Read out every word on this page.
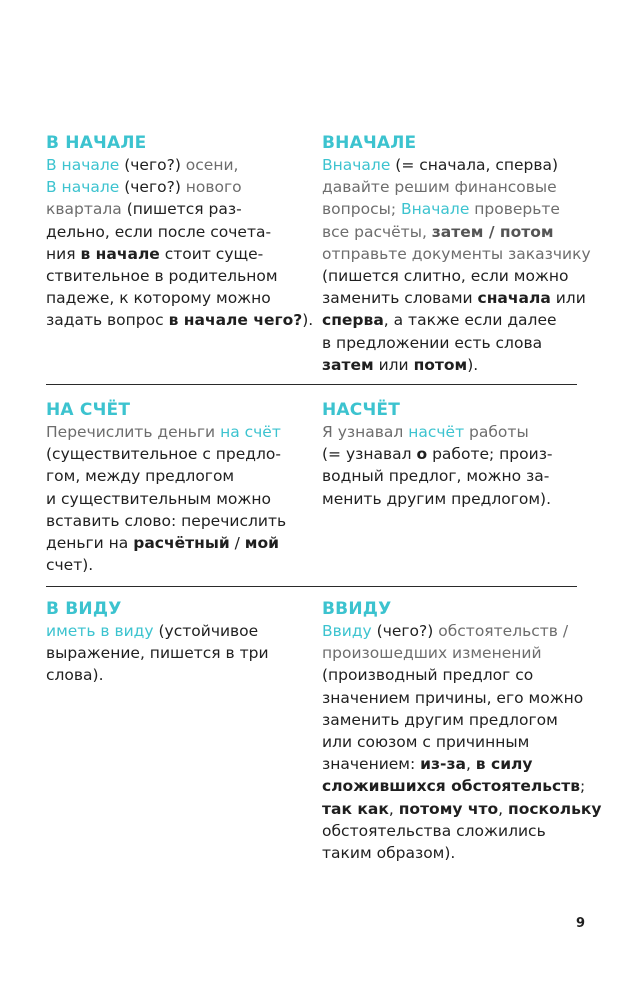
В НАЧАЛЕ
В начале (чего?) осени,
В начале (чего?) нового
квартала (пишется раз-
дельно, если после сочета-
ния в начале стоит суще-
ствительное в родительном
падеже, к которому можно
задать вопрос в начале чего?).
ВНАЧАЛЕ
Вначале (= сначала, сперва)
давайте решим финансовые
вопросы; Вначале проверьте
все расчёты, затем / потом
отправьте документы заказчику
(пишется слитно, если можно
заменить словами сначала или
сперва, а также если далее
в предложении есть слова
затем или потом).
НА СЧЁТ
Перечислить деньги на счёт
(существительное с предло-
гом, между предлогом
и существительным можно
вставить слово: перечислить
деньги на расчётный / мой
счет).
НАСЧЁТ
Я узнавал насчёт работы
(= узнавал о работе; произ-
водный предлог, можно за-
менить другим предлогом).
В ВИДУ
иметь в виду (устойчивое
выражение, пишется в три
слова).
ВВИДУ
Ввиду (чего?) обстоятельств /
произошедших изменений
(производный предлог со
значением причины, его можно
заменить другим предлогом
или союзом с причинным
значением: из-за, в силу
сложившихся обстоятельств;
так как, потому что, поскольку
обстоятельства сложились
таким образом).
9
